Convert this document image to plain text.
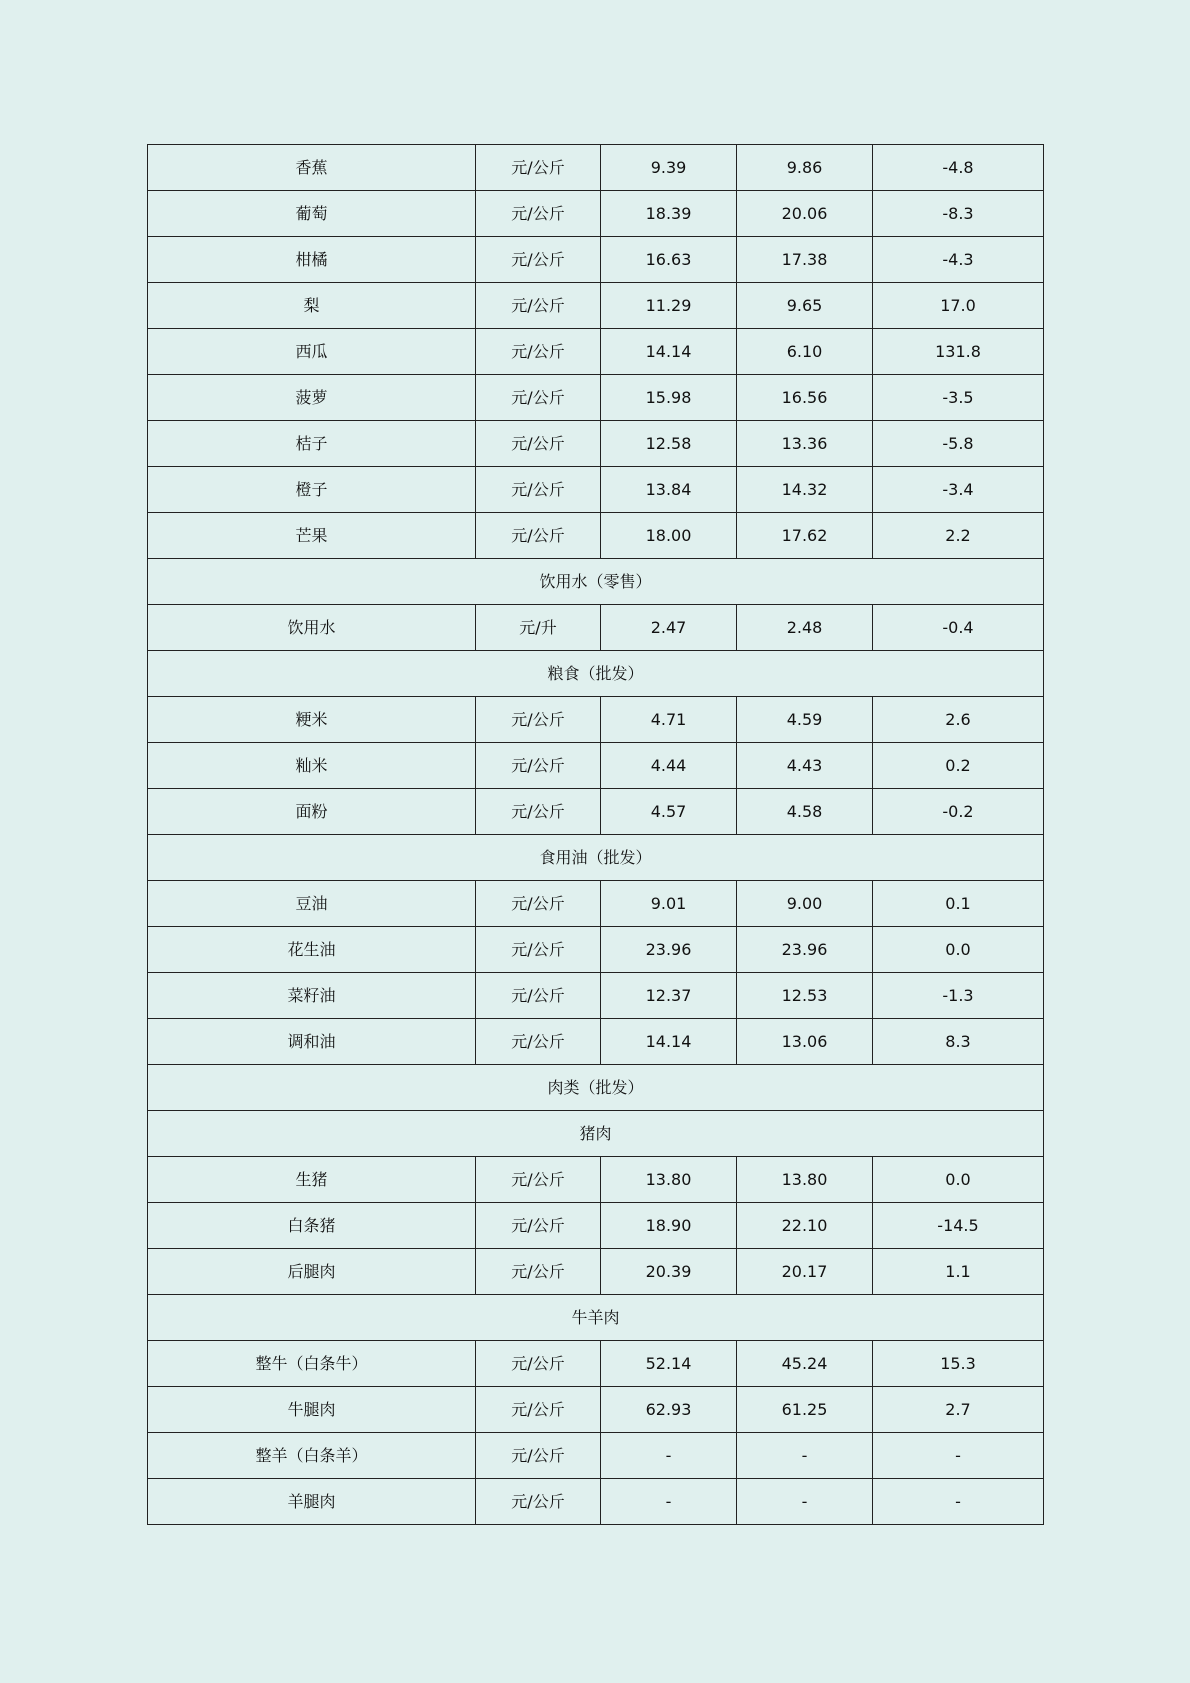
香蕉	元/公斤	9.39	9.86	-4.8
葡萄	元/公斤	18.39	20.06	-8.3
柑橘	元/公斤	16.63	17.38	-4.3
梨	元/公斤	11.29	9.65	17.0
西瓜	元/公斤	14.14	6.10	131.8
菠萝	元/公斤	15.98	16.56	-3.5
桔子	元/公斤	12.58	13.36	-5.8
橙子	元/公斤	13.84	14.32	-3.4
芒果	元/公斤	18.00	17.62	2.2
饮用水（零售）				
饮用水	元/升	2.47	2.48	-0.4
粮食（批发）				
粳米	元/公斤	4.71	4.59	2.6
籼米	元/公斤	4.44	4.43	0.2
面粉	元/公斤	4.57	4.58	-0.2
食用油（批发）				
豆油	元/公斤	9.01	9.00	0.1
花生油	元/公斤	23.96	23.96	0.0
菜籽油	元/公斤	12.37	12.53	-1.3
调和油	元/公斤	14.14	13.06	8.3
肉类（批发）				
猪肉				
生猪	元/公斤	13.80	13.80	0.0
白条猪	元/公斤	18.90	22.10	-14.5
后腿肉	元/公斤	20.39	20.17	1.1
牛羊肉				
整牛（白条牛）	元/公斤	52.14	45.24	15.3
牛腿肉	元/公斤	62.93	61.25	2.7
整羊（白条羊）	元/公斤	-	-	-
羊腿肉	元/公斤	-	-	-
